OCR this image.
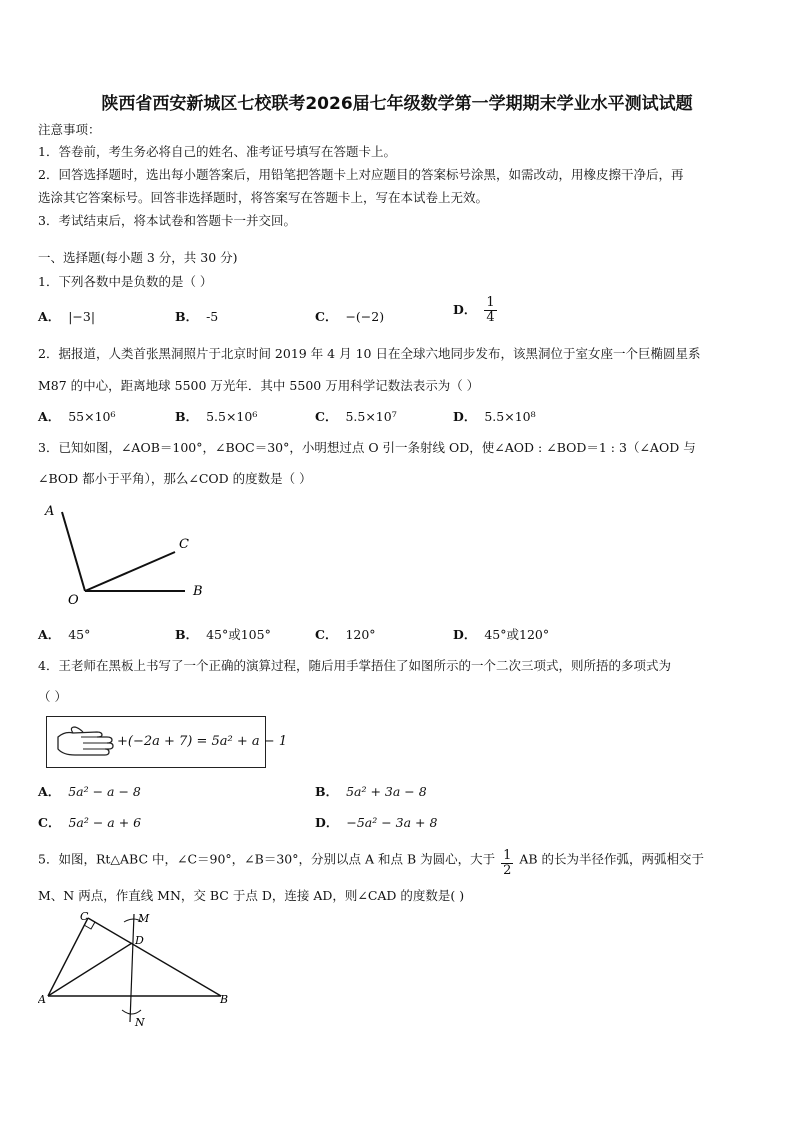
陕西省西安新城区七校联考2026届七年级数学第一学期期末学业水平测试试题
注意事项：
1．答卷前，考生务必将自己的姓名、准考证号填写在答题卡上。
2．回答选择题时，选出每小题答案后，用铅笔把答题卡上对应题目的答案标号涂黑，如需改动，用橡皮擦干净后，再
选涂其它答案标号。回答非选择题时，将答案写在答题卡上，写在本试卷上无效。
3．考试结束后，将本试卷和答题卡一并交回。
一、选择题(每小题 3 分，共 30 分)
1．下列各数中是负数的是（ ）
A． |−3|	B． -5	C． −(−2)	D． $\frac{1}{4}$
2．据报道，人类首张黑洞照片于北京时间 2019 年 4 月 10 日在全球六地同步发布，该黑洞位于室女座一个巨椭圆星系
M87 的中心，距离地球 5500 万光年．其中 5500 万用科学记数法表示为（ ）
A． 55×10⁶	B． 5.5×10⁶	C． 5.5×10⁷	D． 5.5×10⁸
3．已知如图，∠AOB＝100°，∠BOC＝30°，小明想过点 O 引一条射线 OD，使∠AOD : ∠BOD＝1 : 3（∠AOD 与
∠BOD 都小于平角），那么∠COD 的度数是（ ）
A
C
O
B
A． 45°	B． 45°或105°	C． 120°	D． 45°或120°
4．王老师在黑板上书写了一个正确的演算过程，随后用手掌捂住了如图所示的一个二次三项式，则所捂的多项式为
（ ）
+(−2a + 7) = 5a² + a − 1
A． 5a² − a − 8	B． 5a² + 3a − 8
C． 5a² − a + 6	D． −5a² − 3a + 8
5．如图，Rt△ABC 中，∠C＝90°，∠B＝30°，分别以点 A 和点 B 为圆心，大于 $\frac{1}{2}$ AB 的长为半径作弧，两弧相交于
M、N 两点，作直线 MN，交 BC 于点 D，连接 AD，则∠CAD 的度数是( )
C	M
D
A	B
N
